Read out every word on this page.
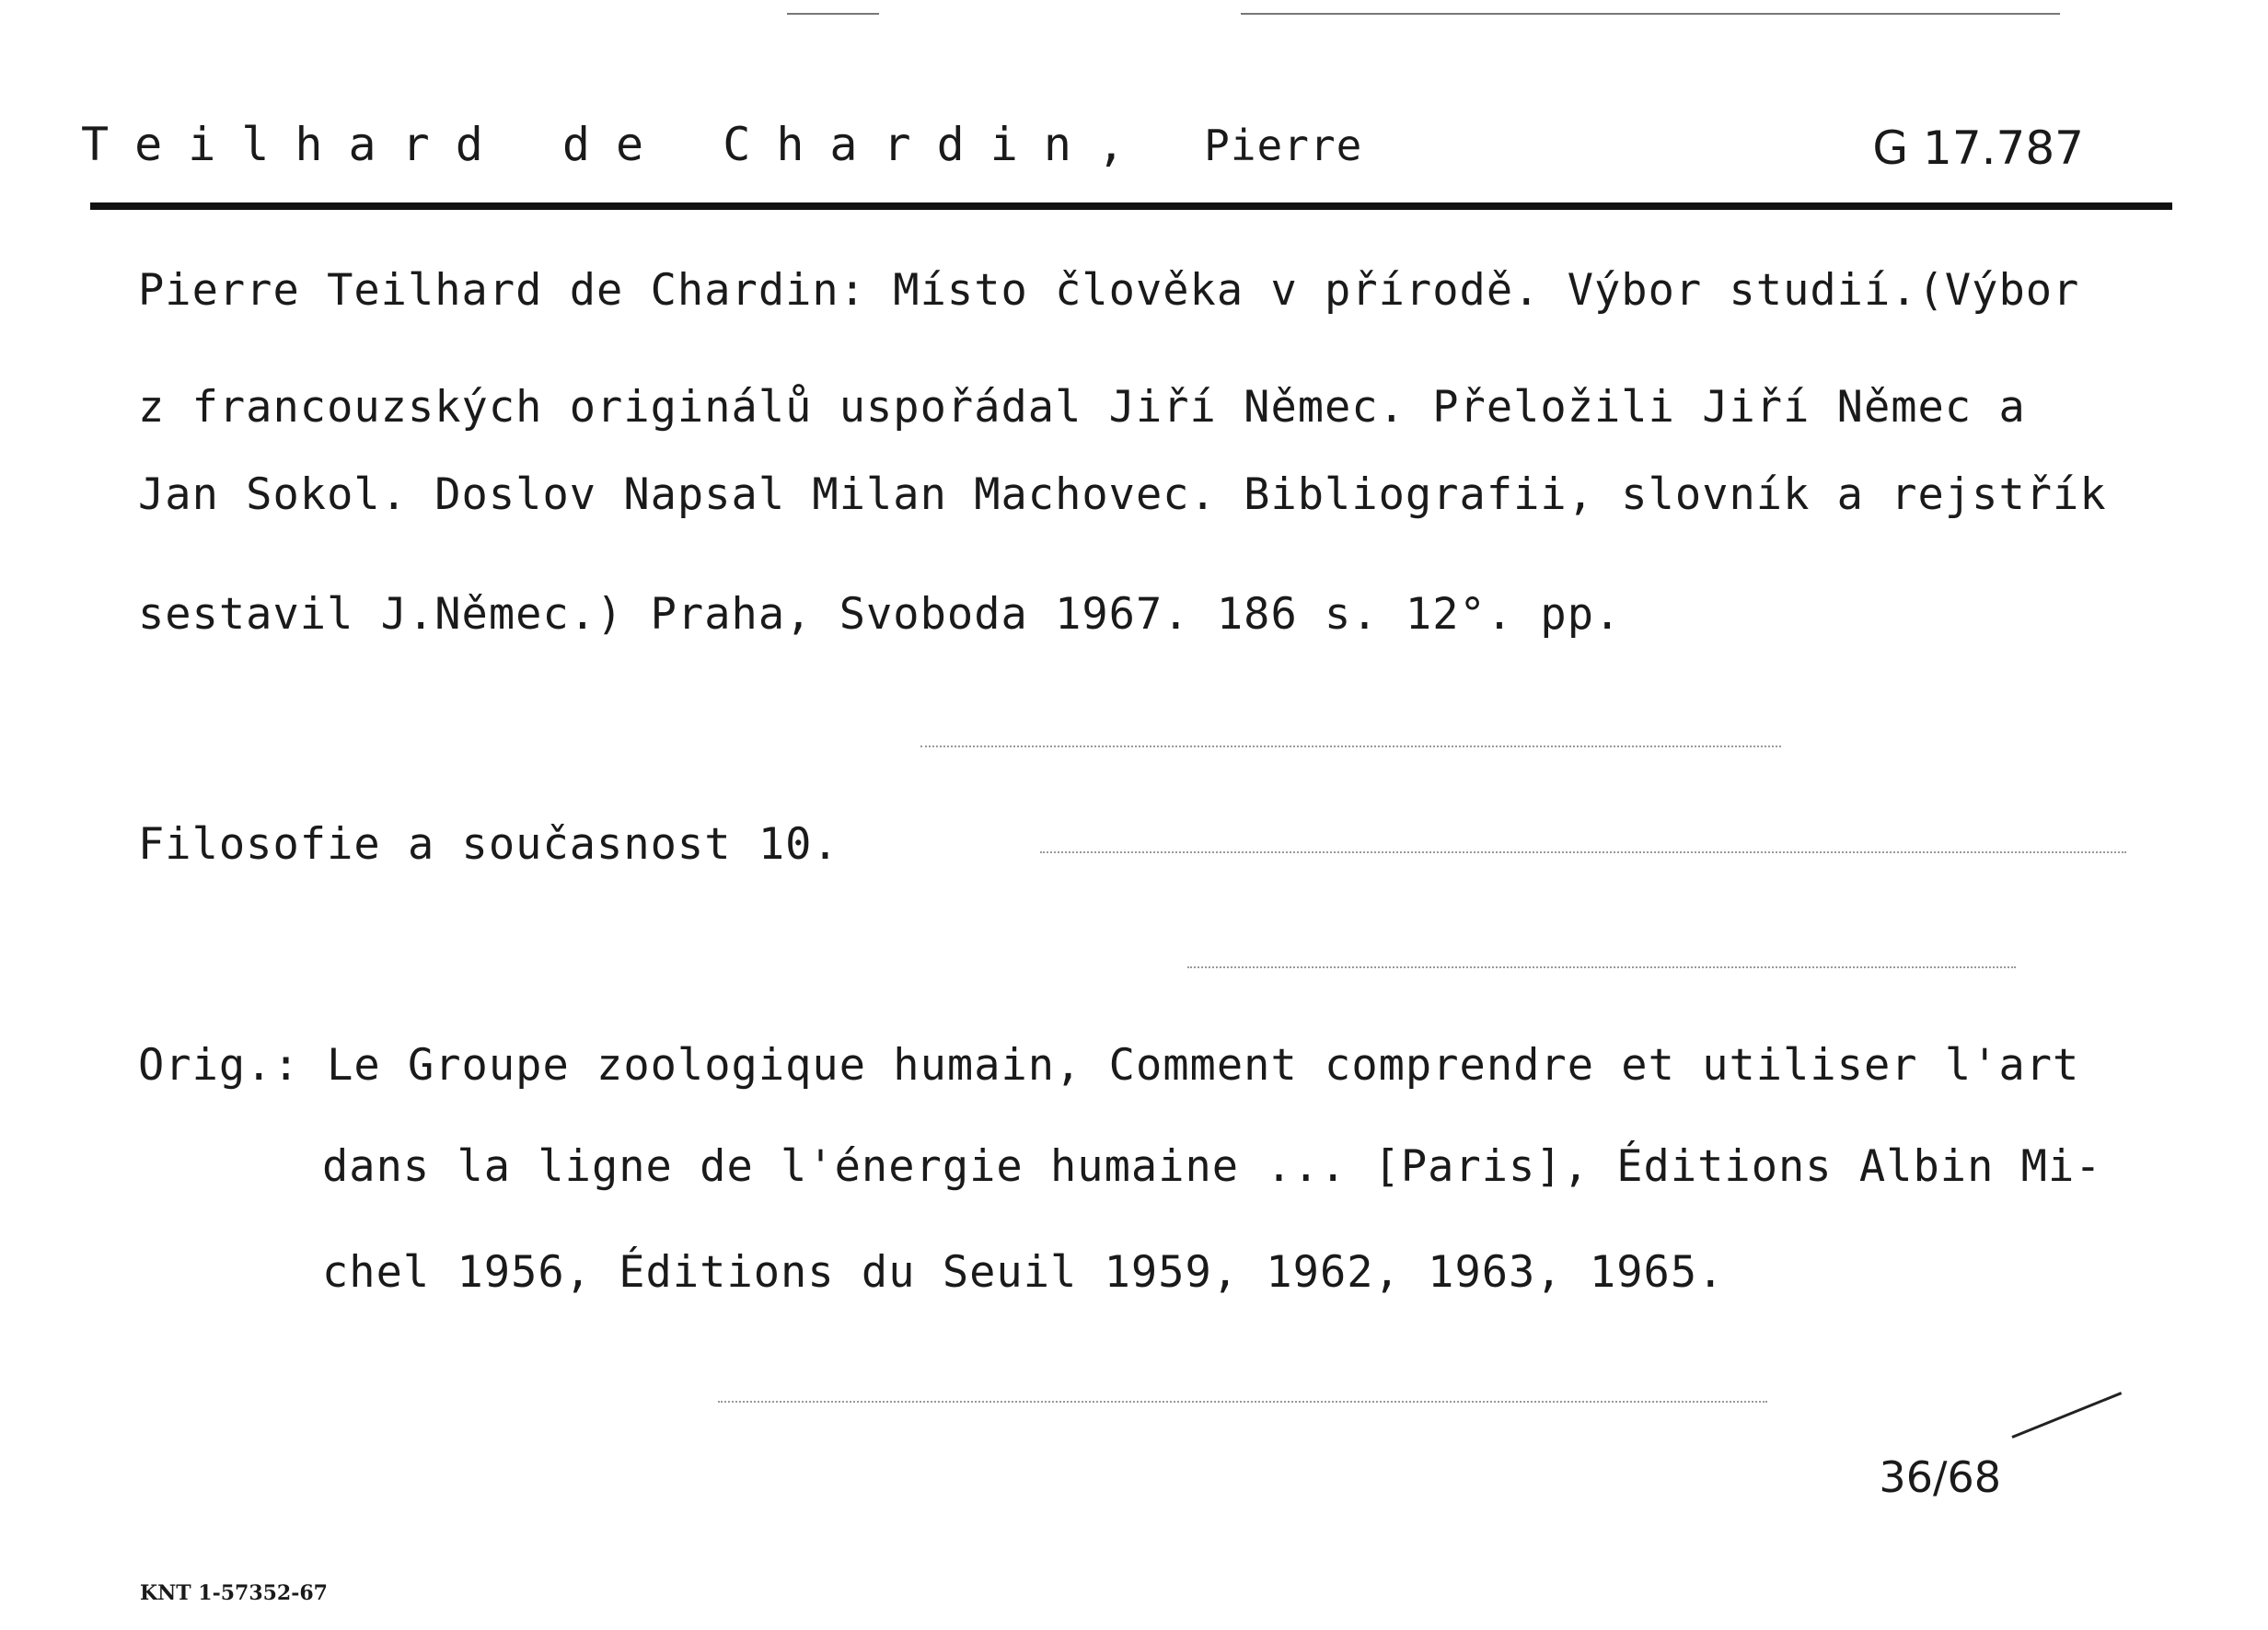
Teilhard de Chardin, Pierre	G 17.787
Pierre Teilhard de Chardin: Místo člověka v přírodě. Výbor studií.(Výbor
z francouzských originálů uspořádal Jiří Němec. Přeložili Jiří Němec a
Jan Sokol. Doslov Napsal Milan Machovec. Bibliografii, slovník a rejstřík
sestavil J.Němec.) Praha, Svoboda 1967. 186 s. 12°. pp.
Filosofie a současnost 10.
Orig.: Le Groupe zoologique humain, Comment comprendre et utiliser l'art
dans la ligne de l'énergie humaine ... [Paris], Éditions Albin Mi-
chel 1956, Éditions du Seuil 1959, 1962, 1963, 1965.
36/68
KNT 1-57352-67
